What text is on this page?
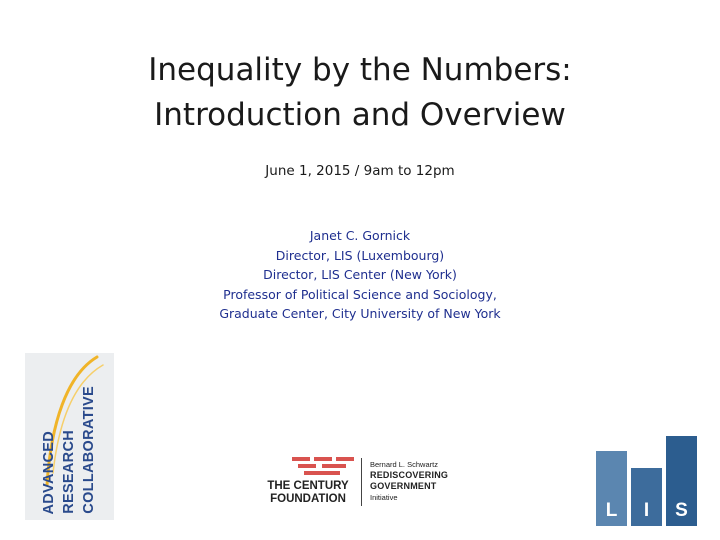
Inequality by the Numbers:
Introduction and Overview
June 1, 2015 / 9am to 12pm
Janet C. Gornick
Director, LIS (Luxembourg)
Director, LIS Center (New York)
Professor of Political Science and Sociology,
Graduate Center, City University of New York
ADVANCED RESEARCH COLLABORATIVE	THE CENTURY
FOUNDATION
Bernard L. Schwartz
REDISCOVERING
GOVERNMENT
Initiative
L	I	S
